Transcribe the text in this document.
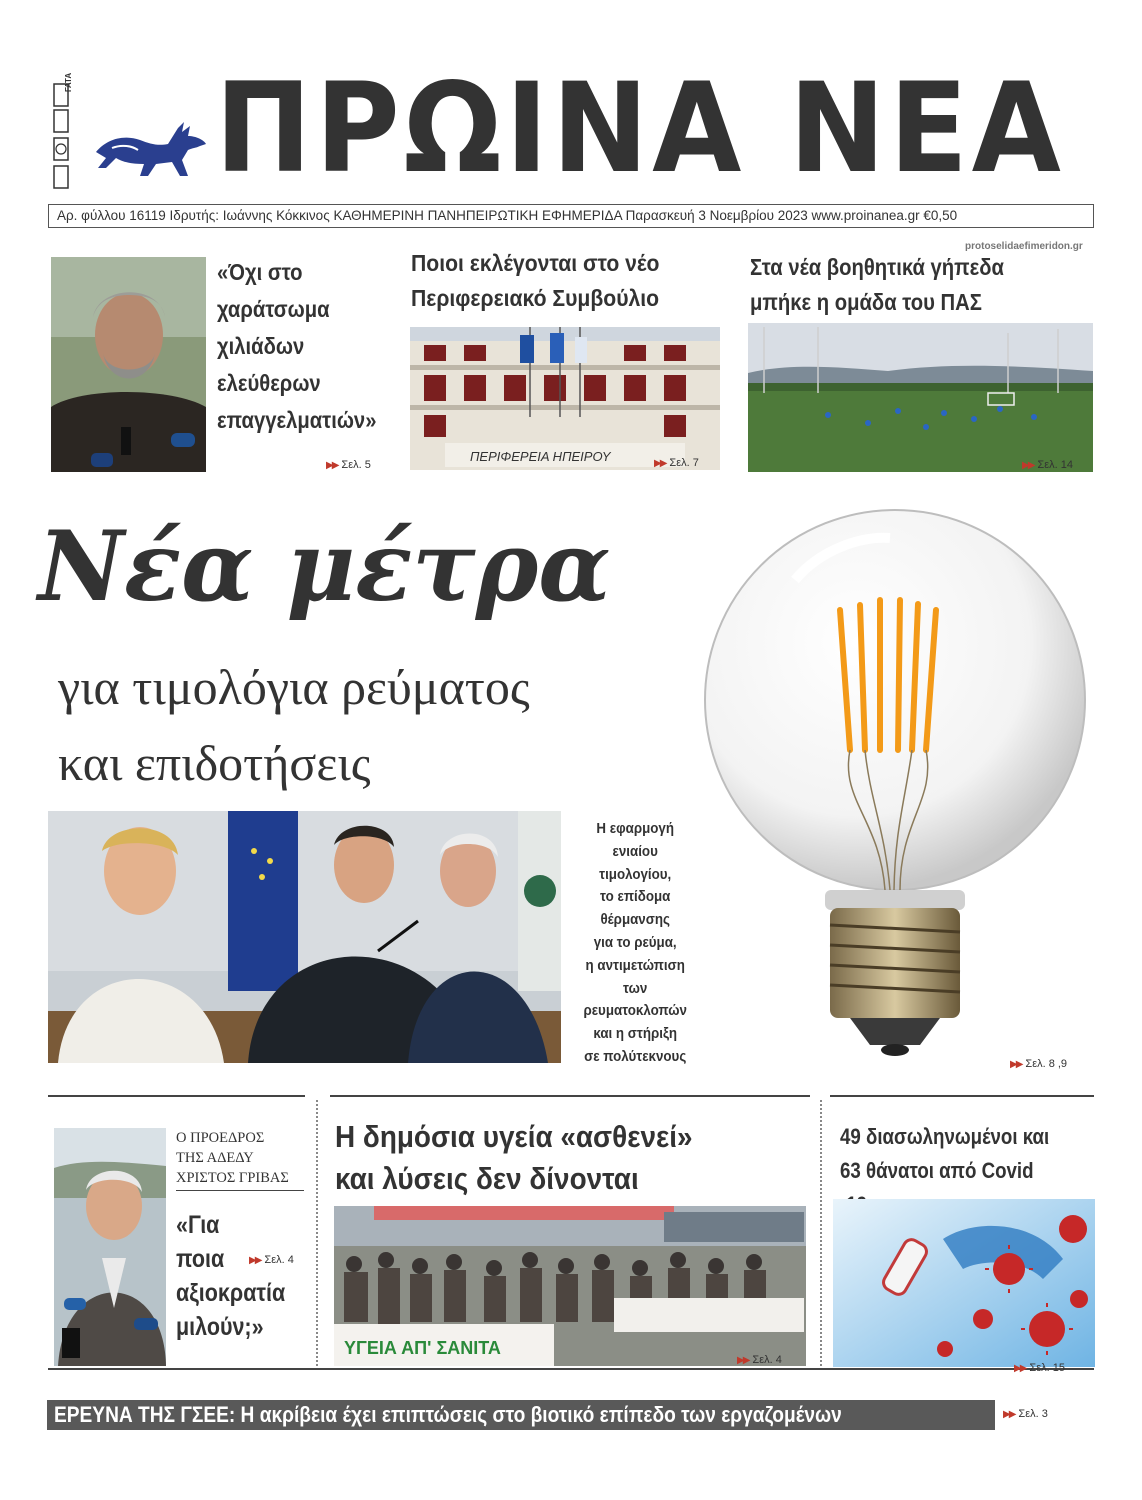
ΓΑΤΑ ΠΡΩΙΝΑ ΝΕΑ
Αρ. φύλλου 16119 Ιδρυτής: Ιωάννης Κόκκινος ΚΑΘΗΜΕΡΙΝΗ ΠΑΝΗΠΕΙΡΩΤΙΚΗ ΕΦΗΜΕΡΙΔΑ Παρασκευή 3 Νοεμβρίου 2023 www.proinanea.gr €0,50
protoselidaefimeridon.gr
«Όχι στο
χαράτσωμα
χιλιάδων
ελεύθερων
επαγγελματιών»
▶▶ Σελ. 5
Ποιοι εκλέγονται στο νέο
Περιφερειακό Συμβούλιο
ΠΕΡΙΦΕΡΕΙΑ ΗΠΕΙΡΟΥ	▶▶ Σελ. 7
Στα νέα βοηθητικά γήπεδα
μπήκε η ομάδα του ΠΑΣ
▶▶ Σελ. 14
Νέα μέτρα
για τιμολόγια ρεύματος
και επιδοτήσεις
Η εφαρμογή
ενιαίου τιμολογίου,
το επίδομα
θέρμανσης
για το ρεύμα,
η αντιμετώπιση
των ρευματοκλοπών
και η στήριξη
σε πολύτεκνους	▶▶ Σελ. 8 ,9
Ο ΠΡΟΕΔΡΟΣ
ΤΗΣ ΑΔΕΔΥ
ΧΡΙΣΤΟΣ ΓΡΙΒΑΣ
«Για
ποια
αξιοκρατία
μιλούν;»
▶▶ Σελ. 4
Η δημόσια υγεία «ασθενεί»
και λύσεις δεν δίνονται
ΥΓΕΙΑ ΑΠ' ΣΑΝΙΤΑ
▶▶ Σελ. 4
49 διασωληνωμένοι και
63 θάνατοι από Covid
▶▶ Σελ. 15
ΕΡΕΥΝΑ ΤΗΣ ΓΣΕΕ: Η ακρίβεια έχει επιπτώσεις στο βιοτικό επίπεδο των εργαζομένων	▶▶ Σελ. 3
